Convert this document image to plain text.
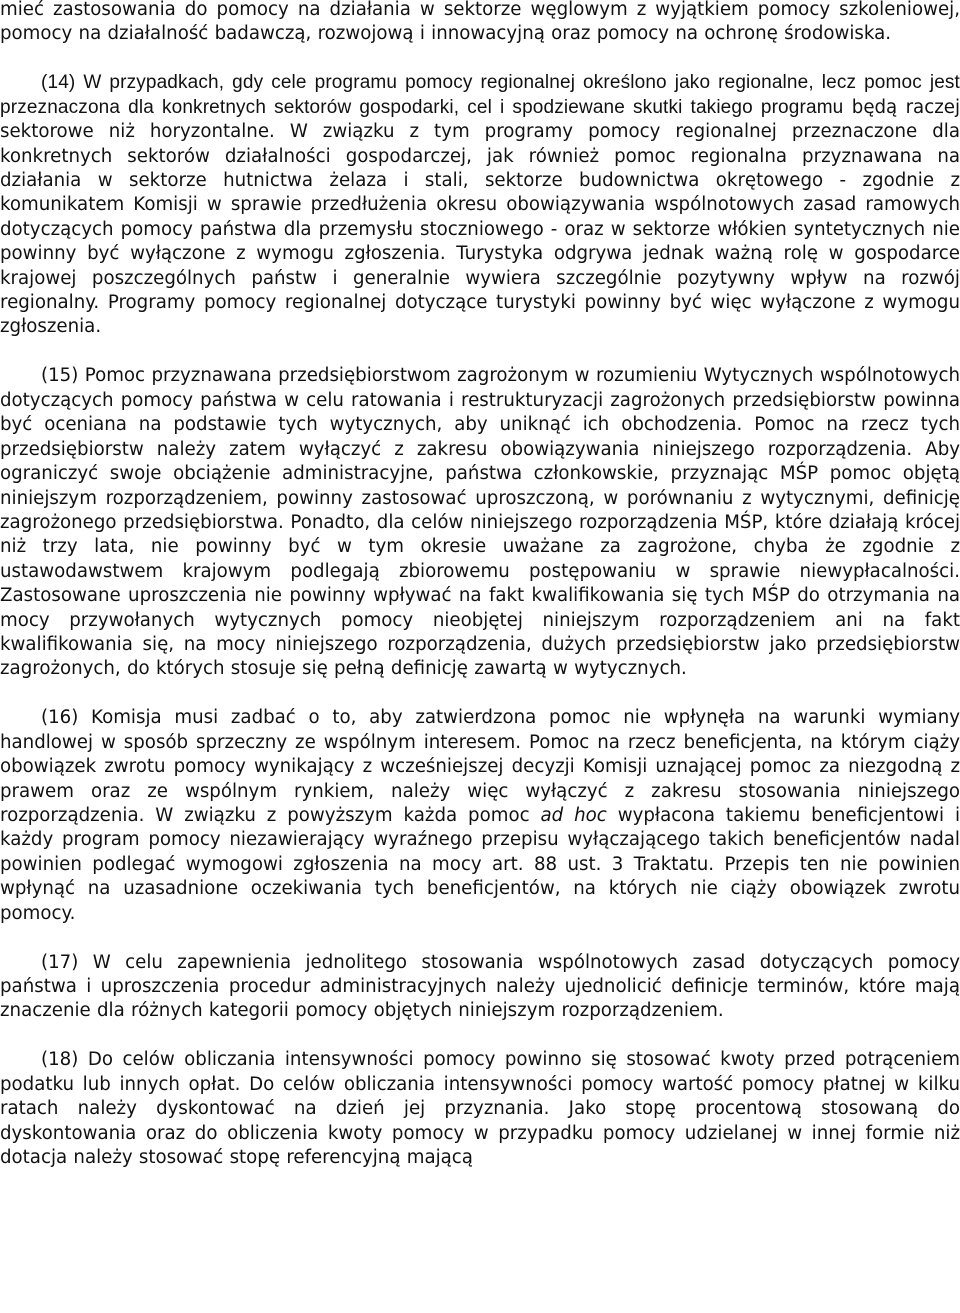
mieć zastosowania do pomocy na działania w sektorze węglowym z wyjątkiem pomocy szkoleniowej, pomocy na działalność badawczą, rozwojową i innowacyjną oraz pomocy na ochronę środowiska.

(14) W przypadkach, gdy cele programu pomocy regionalnej określono jako regionalne, lecz pomoc jest przeznaczona dla konkretnych sektorów gospodarki, cel i spodziewane skutki takiego programu będą raczej sektorowe niż horyzontalne. W związku z tym programy pomocy regionalnej przeznaczone dla konkretnych sektorów działalności gospodarczej, jak również pomoc regionalna przyznawana na działania w sektorze hutnictwa żelaza i stali, sektorze budownictwa okrętowego - zgodnie z komunikatem Komisji w sprawie przedłużenia okresu obowiązywania wspólnotowych zasad ramowych dotyczących pomocy państwa dla przemysłu stoczniowego - oraz w sektorze włókien syntetycznych nie powinny być wyłączone z wymogu zgłoszenia. Turystyka odgrywa jednak ważną rolę w gospodarce krajowej poszczególnych państw i generalnie wywiera szczególnie pozytywny wpływ na rozwój regionalny. Programy pomocy regionalnej dotyczące turystyki powinny być więc wyłączone z wymogu zgłoszenia.

(15) Pomoc przyznawana przedsiębiorstwom zagrożonym w rozumieniu Wytycznych wspólnotowych dotyczących pomocy państwa w celu ratowania i restrukturyzacji zagrożonych przedsiębiorstw powinna być oceniana na podstawie tych wytycznych, aby uniknąć ich obchodzenia. Pomoc na rzecz tych przedsiębiorstw należy zatem wyłączyć z zakresu obowiązywania niniejszego rozporządzenia. Aby ograniczyć swoje obciążenie administracyjne, państwa członkowskie, przyznając MŚP pomoc objętą niniejszym rozporządzeniem, powinny zastosować uproszczoną, w porównaniu z wytycznymi, definicję zagrożonego przedsiębiorstwa. Ponadto, dla celów niniejszego rozporządzenia MŚP, które działają krócej niż trzy lata, nie powinny być w tym okresie uważane za zagrożone, chyba że zgodnie z ustawodawstwem krajowym podlegają zbiorowemu postępowaniu w sprawie niewypłacalności. Zastosowane uproszczenia nie powinny wpływać na fakt kwalifikowania się tych MŚP do otrzymania na mocy przywołanych wytycznych pomocy nieobjętej niniejszym rozporządzeniem ani na fakt kwalifikowania się, na mocy niniejszego rozporządzenia, dużych przedsiębiorstw jako przedsiębiorstw zagrożonych, do których stosuje się pełną definicję zawartą w wytycznych.

(16) Komisja musi zadbać o to, aby zatwierdzona pomoc nie wpłynęła na warunki wymiany handlowej w sposób sprzeczny ze wspólnym interesem. Pomoc na rzecz beneficjenta, na którym ciąży obowiązek zwrotu pomocy wynikający z wcześniejszej decyzji Komisji uznającej pomoc za niezgodną z prawem oraz ze wspólnym rynkiem, należy więc wyłączyć z zakresu stosowania niniejszego rozporządzenia. W związku z powyższym każda pomoc ad hoc wypłacona takiemu beneficjentowi i każdy program pomocy niezawierający wyraźnego przepisu wyłączającego takich beneficjentów nadal powinien podlegać wymogowi zgłoszenia na mocy art. 88 ust. 3 Traktatu. Przepis ten nie powinien wpłynąć na uzasadnione oczekiwania tych beneficjentów, na których nie ciąży obowiązek zwrotu pomocy.

(17) W celu zapewnienia jednolitego stosowania wspólnotowych zasad dotyczących pomocy państwa i uproszczenia procedur administracyjnych należy ujednolicić definicje terminów, które mają znaczenie dla różnych kategorii pomocy objętych niniejszym rozporządzeniem.

(18) Do celów obliczania intensywności pomocy powinno się stosować kwoty przed potrąceniem podatku lub innych opłat. Do celów obliczania intensywności pomocy wartość pomocy płatnej w kilku ratach należy dyskontować na dzień jej przyznania. Jako stopę procentową stosowaną do dyskontowania oraz do obliczenia kwoty pomocy w przypadku pomocy udzielanej w innej formie niż dotacja należy stosować stopę referencyjną mającą
